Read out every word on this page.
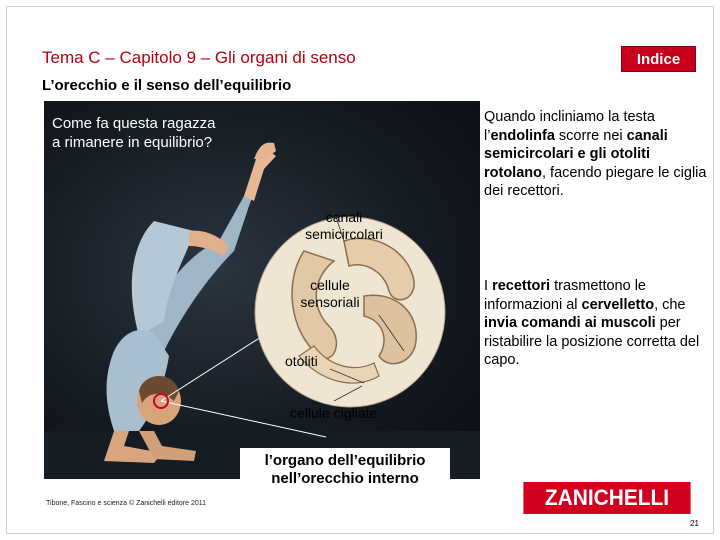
Tema C – Capitolo 9 – Gli organi di senso	Indice
L’orecchio e il senso dell’equilibrio
Come fa questa ragazza
a rimanere in equilibrio?
canali
semicircolari
cellule
sensoriali
otoliti
cellule cigliate
l’organo dell’equilibrio
nell’orecchio interno
Quando incliniamo la testa l’endolinfa scorre nei canali semicircolari e gli otoliti rotolano, facendo piegare le ciglia dei recettori.
I recettori trasmettono le informazioni al cervelletto, che invia comandi ai muscoli per ristabilire la posizione corretta del capo.
Tibone, Fascino e scienza © Zanichelli editore 2011	ZANICHELLI
21
